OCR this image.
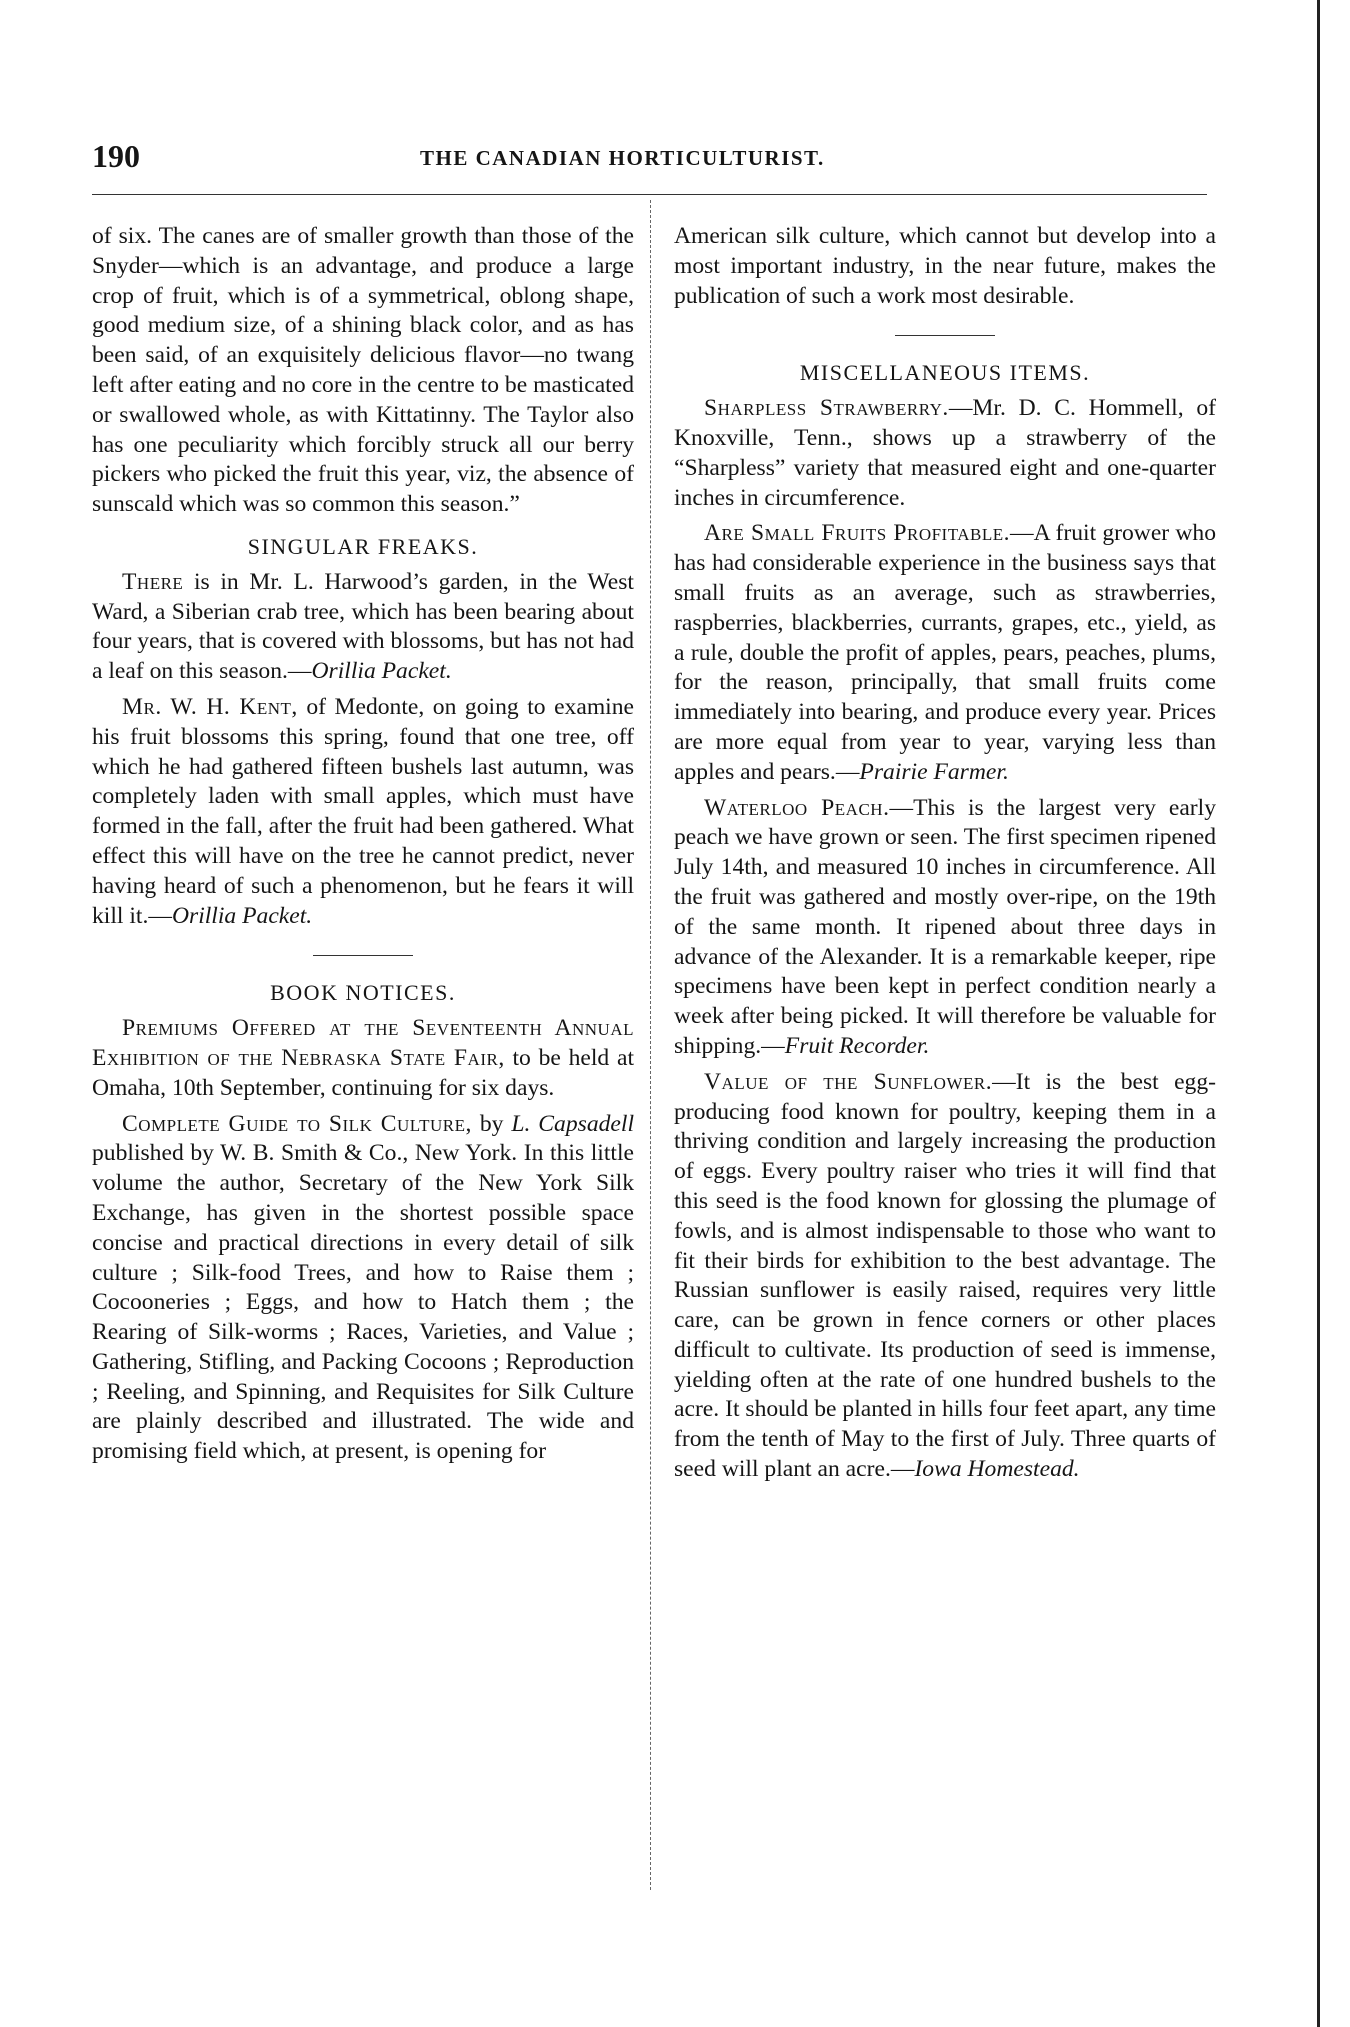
190	THE CANADIAN HORTICULTURIST.

of six. The canes are of smaller growth than those of the Snyder—which is an advantage, and produce a large crop of fruit, which is of a symmetrical, oblong shape, good medium size, of a shining black color, and as has been said, of an exquisitely delicious flavor—no twang left after eating and no core in the centre to be masticated or swallowed whole, as with Kittatinny. The Taylor also has one peculiarity which forcibly struck all our berry pickers who picked the fruit this year, viz, the absence of sunscald which was so common this season.”

SINGULAR FREAKS.

There is in Mr. L. Harwood’s garden, in the West Ward, a Siberian crab tree, which has been bearing about four years, that is covered with blossoms, but has not had a leaf on this season.—Orillia Packet.

Mr. W. H. Kent, of Medonte, on going to examine his fruit blossoms this spring, found that one tree, off which he had gathered fifteen bushels last autumn, was completely laden with small apples, which must have formed in the fall, after the fruit had been gathered. What effect this will have on the tree he cannot predict, never having heard of such a phenomenon, but he fears it will kill it.—Orillia Packet.

BOOK NOTICES.

Premiums Offered at the Seventeenth Annual Exhibition of the Nebraska State Fair, to be held at Omaha, 10th September, continuing for six days.

Complete Guide to Silk Culture, by L. Capsadell published by W. B. Smith & Co., New York. In this little volume the author, Secretary of the New York Silk Exchange, has given in the shortest possible space concise and practical directions in every detail of silk culture ; Silk-food Trees, and how to Raise them ; Cocooneries ; Eggs, and how to Hatch them ; the Rearing of Silk-worms ; Races, Varieties, and Value ; Gathering, Stifling, and Packing Cocoons ; Reproduction ; Reeling, and Spinning, and Requisites for Silk Culture are plainly described and illustrated. The wide and promising field which, at present, is opening for

American silk culture, which cannot but develop into a most important industry, in the near future, makes the publication of such a work most desirable.

MISCELLANEOUS ITEMS.

Sharpless Strawberry.—Mr. D. C. Hommell, of Knoxville, Tenn., shows up a strawberry of the “Sharpless” variety that measured eight and one-quarter inches in circumference.

Are Small Fruits Profitable.—A fruit grower who has had considerable experience in the business says that small fruits as an average, such as strawberries, raspberries, blackberries, currants, grapes, etc., yield, as a rule, double the profit of apples, pears, peaches, plums, for the reason, principally, that small fruits come immediately into bearing, and produce every year. Prices are more equal from year to year, varying less than apples and pears.—Prairie Farmer.

Waterloo Peach.—This is the largest very early peach we have grown or seen. The first specimen ripened July 14th, and measured 10 inches in circumference. All the fruit was gathered and mostly over-ripe, on the 19th of the same month. It ripened about three days in advance of the Alexander. It is a remarkable keeper, ripe specimens have been kept in perfect condition nearly a week after being picked. It will therefore be valuable for shipping.—Fruit Recorder.

Value of the Sunflower.—It is the best egg-producing food known for poultry, keeping them in a thriving condition and largely increasing the production of eggs. Every poultry raiser who tries it will find that this seed is the food known for glossing the plumage of fowls, and is almost indispensable to those who want to fit their birds for exhibition to the best advantage. The Russian sunflower is easily raised, requires very little care, can be grown in fence corners or other places difficult to cultivate. Its production of seed is immense, yielding often at the rate of one hundred bushels to the acre. It should be planted in hills four feet apart, any time from the tenth of May to the first of July. Three quarts of seed will plant an acre.—Iowa Homestead.
